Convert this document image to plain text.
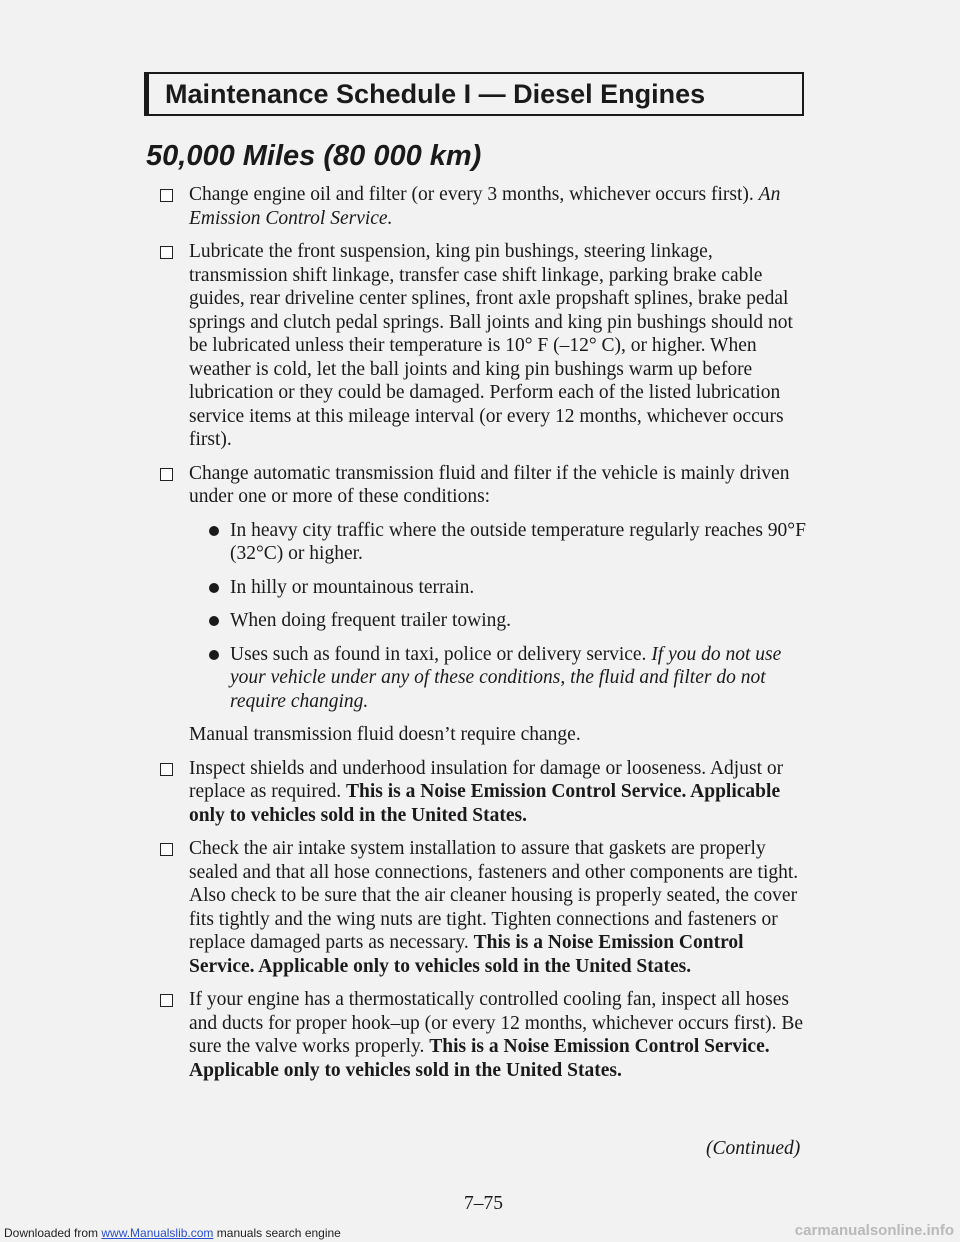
Maintenance Schedule I — Diesel Engines
50,000 Miles (80 000 km)
Change engine oil and filter (or every 3 months, whichever occurs first). An Emission Control Service.
Lubricate the front suspension, king pin bushings, steering linkage, transmission shift linkage, transfer case shift linkage, parking brake cable guides, rear driveline center splines, front axle propshaft splines, brake pedal springs and clutch pedal springs. Ball joints and king pin bushings should not be lubricated unless their temperature is 10° F (–12° C), or higher. When weather is cold, let the ball joints and king pin bushings warm up before lubrication or they could be damaged. Perform each of the listed lubrication service items at this mileage interval (or every 12 months, whichever occurs first).
Change automatic transmission fluid and filter if the vehicle is mainly driven under one or more of these conditions:
In heavy city traffic where the outside temperature regularly reaches 90°F (32°C) or higher.
In hilly or mountainous terrain.
When doing frequent trailer towing.
Uses such as found in taxi, police or delivery service. If you do not use your vehicle under any of these conditions, the fluid and filter do not require changing.
Manual transmission fluid doesn’t require change.
Inspect shields and underhood insulation for damage or looseness. Adjust or replace as required. This is a Noise Emission Control Service. Applicable only to vehicles sold in the United States.
Check the air intake system installation to assure that gaskets are properly sealed and that all hose connections, fasteners and other components are tight. Also check to be sure that the air cleaner housing is properly seated, the cover fits tightly and the wing nuts are tight. Tighten connections and fasteners or replace damaged parts as necessary. This is a Noise Emission Control Service. Applicable only to vehicles sold in the United States.
If your engine has a thermostatically controlled cooling fan, inspect all hoses and ducts for proper hook–up (or every 12 months, whichever occurs first). Be sure the valve works properly. This is a Noise Emission Control Service. Applicable only to vehicles sold in the United States.
(Continued)
7–75
Downloaded from www.Manualslib.com manuals search engine	carmanualsonline.info
